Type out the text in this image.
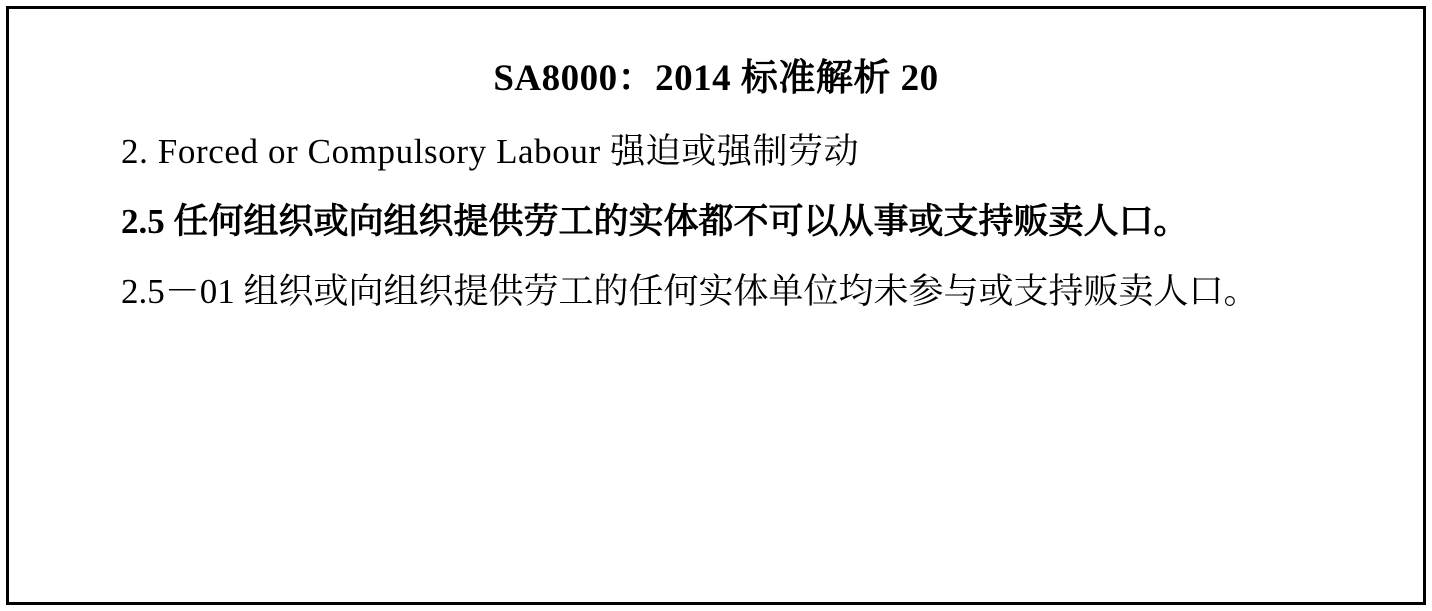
SA8000：2014 标准解析 20
2. Forced or Compulsory Labour 强迫或强制劳动
2.5 任何组织或向组织提供劳工的实体都不可以从事或支持贩卖人口。
2.5－01 组织或向组织提供劳工的任何实体单位均未参与或支持贩卖人口。
